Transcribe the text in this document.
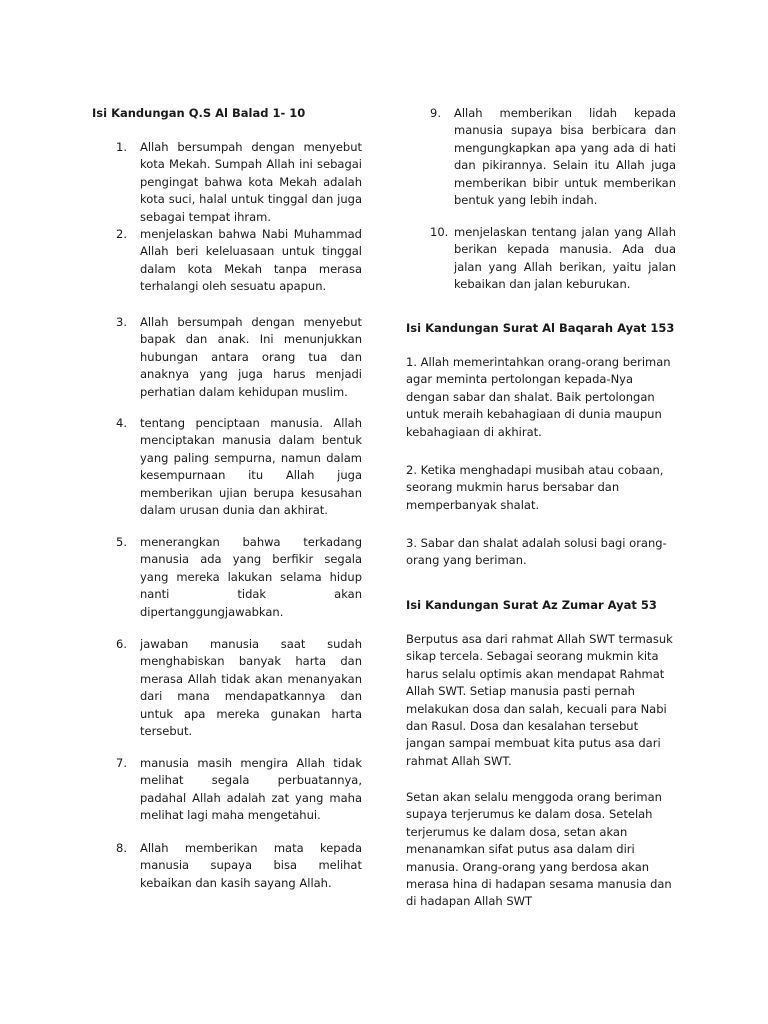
Isi Kandungan Q.S Al Balad 1- 10
1.	Allah bersumpah dengan menyebut kota Mekah. Sumpah Allah ini sebagai pengingat bahwa kota Mekah adalah kota suci, halal untuk tinggal dan juga sebagai tempat ihram.
2.	menjelaskan bahwa Nabi Muhammad Allah beri keleluasaan untuk tinggal dalam kota Mekah tanpa merasa terhalangi oleh sesuatu apapun.
3.	Allah bersumpah dengan menyebut bapak dan anak. Ini menunjukkan hubungan antara orang tua dan anaknya yang juga harus menjadi perhatian dalam kehidupan muslim.
4.	tentang penciptaan manusia. Allah menciptakan manusia dalam bentuk yang paling sempurna, namun dalam kesempurnaan itu Allah juga memberikan ujian berupa kesusahan dalam urusan dunia dan akhirat.
5.	menerangkan bahwa terkadang manusia ada yang berfikir segala yang mereka lakukan selama hidup nanti tidak akan dipertanggungjawabkan.
6.	jawaban manusia saat sudah menghabiskan banyak harta dan merasa Allah tidak akan menanyakan dari mana mendapatkannya dan untuk apa mereka gunakan harta tersebut.
7.	manusia masih mengira Allah tidak melihat segala perbuatannya, padahal Allah adalah zat yang maha melihat lagi maha mengetahui.
8.	Allah memberikan mata kepada manusia supaya bisa melihat kebaikan dan kasih sayang Allah.
9.	Allah memberikan lidah kepada manusia supaya bisa berbicara dan mengungkapkan apa yang ada di hati dan pikirannya. Selain itu Allah juga memberikan bibir untuk memberikan bentuk yang lebih indah.
10. menjelaskan tentang jalan yang Allah berikan kepada manusia. Ada dua jalan yang Allah berikan, yaitu jalan kebaikan dan jalan keburukan.
Isi Kandungan Surat Al Baqarah Ayat 153
1. Allah memerintahkan orang-orang beriman agar meminta pertolongan kepada-Nya dengan sabar dan shalat. Baik pertolongan untuk meraih kebahagiaan di dunia maupun kebahagiaan di akhirat.
2. Ketika menghadapi musibah atau cobaan, seorang mukmin harus bersabar dan memperbanyak shalat.
3. Sabar dan shalat adalah solusi bagi orang-orang yang beriman.
Isi Kandungan Surat Az Zumar Ayat 53
Berputus asa dari rahmat Allah SWT termasuk sikap tercela. Sebagai seorang mukmin kita harus selalu optimis akan mendapat Rahmat Allah SWT. Setiap manusia pasti pernah melakukan dosa dan salah, kecuali para Nabi dan Rasul. Dosa dan kesalahan tersebut jangan sampai membuat kita putus asa dari rahmat Allah SWT.
Setan akan selalu menggoda orang beriman supaya terjerumus ke dalam dosa. Setelah terjerumus ke dalam dosa, setan akan menanamkan sifat putus asa dalam diri manusia. Orang-orang yang berdosa akan merasa hina di hadapan sesama manusia dan di hadapan Allah SWT
